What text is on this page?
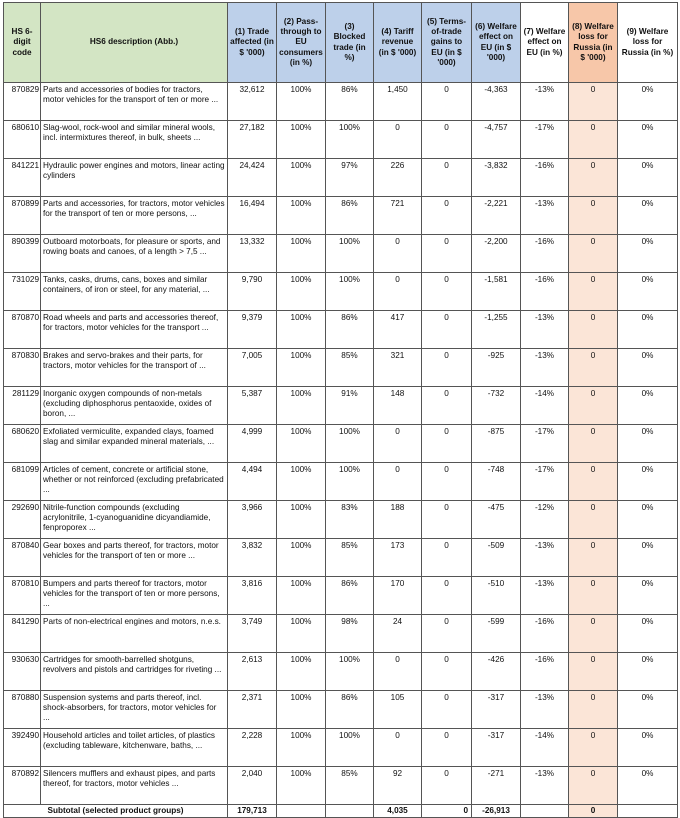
HS 6-digit code	HS6 description (Abb.)	(1) Trade affected (in $ '000)	(2) Pass-through to EU consumers (in %)	(3) Blocked trade (in %)	(4) Tariff revenue (in $ '000)	(5) Terms-of-trade gains to EU (in $ '000)	(6) Welfare effect on EU (in $ '000)	(7) Welfare effect on EU (in %)	(8) Welfare loss for Russia (in $ '000)	(9) Welfare loss for Russia (in %)
870829	Parts and accessories of bodies for tractors, motor vehicles for the transport of ten or more ...	32,612	100%	86%	1,450	0	-4,363	-13%	0	0%
680610	Slag-wool, rock-wool and similar mineral wools, incl. intermixtures thereof, in bulk, sheets ...	27,182	100%	100%	0	0	-4,757	-17%	0	0%
841221	Hydraulic power engines and motors, linear acting cylinders	24,424	100%	97%	226	0	-3,832	-16%	0	0%
870899	Parts and accessories, for tractors, motor vehicles for the transport of ten or more persons, ...	16,494	100%	86%	721	0	-2,221	-13%	0	0%
890399	Outboard motorboats, for pleasure or sports, and rowing boats and canoes, of a length > 7,5 ...	13,332	100%	100%	0	0	-2,200	-16%	0	0%
731029	Tanks, casks, drums, cans, boxes and similar containers, of iron or steel, for any material, ...	9,790	100%	100%	0	0	-1,581	-16%	0	0%
870870	Road wheels and parts and accessories thereof, for tractors, motor vehicles for the transport ...	9,379	100%	86%	417	0	-1,255	-13%	0	0%
870830	Brakes and servo-brakes and their parts, for tractors, motor vehicles for the transport of ...	7,005	100%	85%	321	0	-925	-13%	0	0%
281129	Inorganic oxygen compounds of non-metals (excluding diphosphorus pentaoxide, oxides of boron, ...	5,387	100%	91%	148	0	-732	-14%	0	0%
680620	Exfoliated vermiculite, expanded clays, foamed slag and similar expanded mineral materials, ...	4,999	100%	100%	0	0	-875	-17%	0	0%
681099	Articles of cement, concrete or artificial stone, whether or not reinforced (excluding prefabricated ...	4,494	100%	100%	0	0	-748	-17%	0	0%
292690	Nitrile-function compounds (excluding acrylonitrile, 1-cyanoguanidine dicyandiamide, fenproporex ...	3,966	100%	83%	188	0	-475	-12%	0	0%
870840	Gear boxes and parts thereof, for tractors, motor vehicles for the transport of ten or more ...	3,832	100%	85%	173	0	-509	-13%	0	0%
870810	Bumpers and parts thereof for tractors, motor vehicles for the transport of ten or more persons, ...	3,816	100%	86%	170	0	-510	-13%	0	0%
841290	Parts of non-electrical engines and motors, n.e.s.	3,749	100%	98%	24	0	-599	-16%	0	0%
930630	Cartridges for smooth-barrelled shotguns, revolvers and pistols and cartridges for riveting ...	2,613	100%	100%	0	0	-426	-16%	0	0%
870880	Suspension systems and parts thereof, incl. shock-absorbers, for tractors, motor vehicles for ...	2,371	100%	86%	105	0	-317	-13%	0	0%
392490	Household articles and toilet articles, of plastics (excluding tableware, kitchenware, baths, ...	2,228	100%	100%	0	0	-317	-14%	0	0%
870892	Silencers mufflers and exhaust pipes, and parts thereof, for tractors, motor vehicles ...	2,040	100%	85%	92	0	-271	-13%	0	0%
Subtotal (selected product groups)		179,713			4,035	0	-26,913		0	
